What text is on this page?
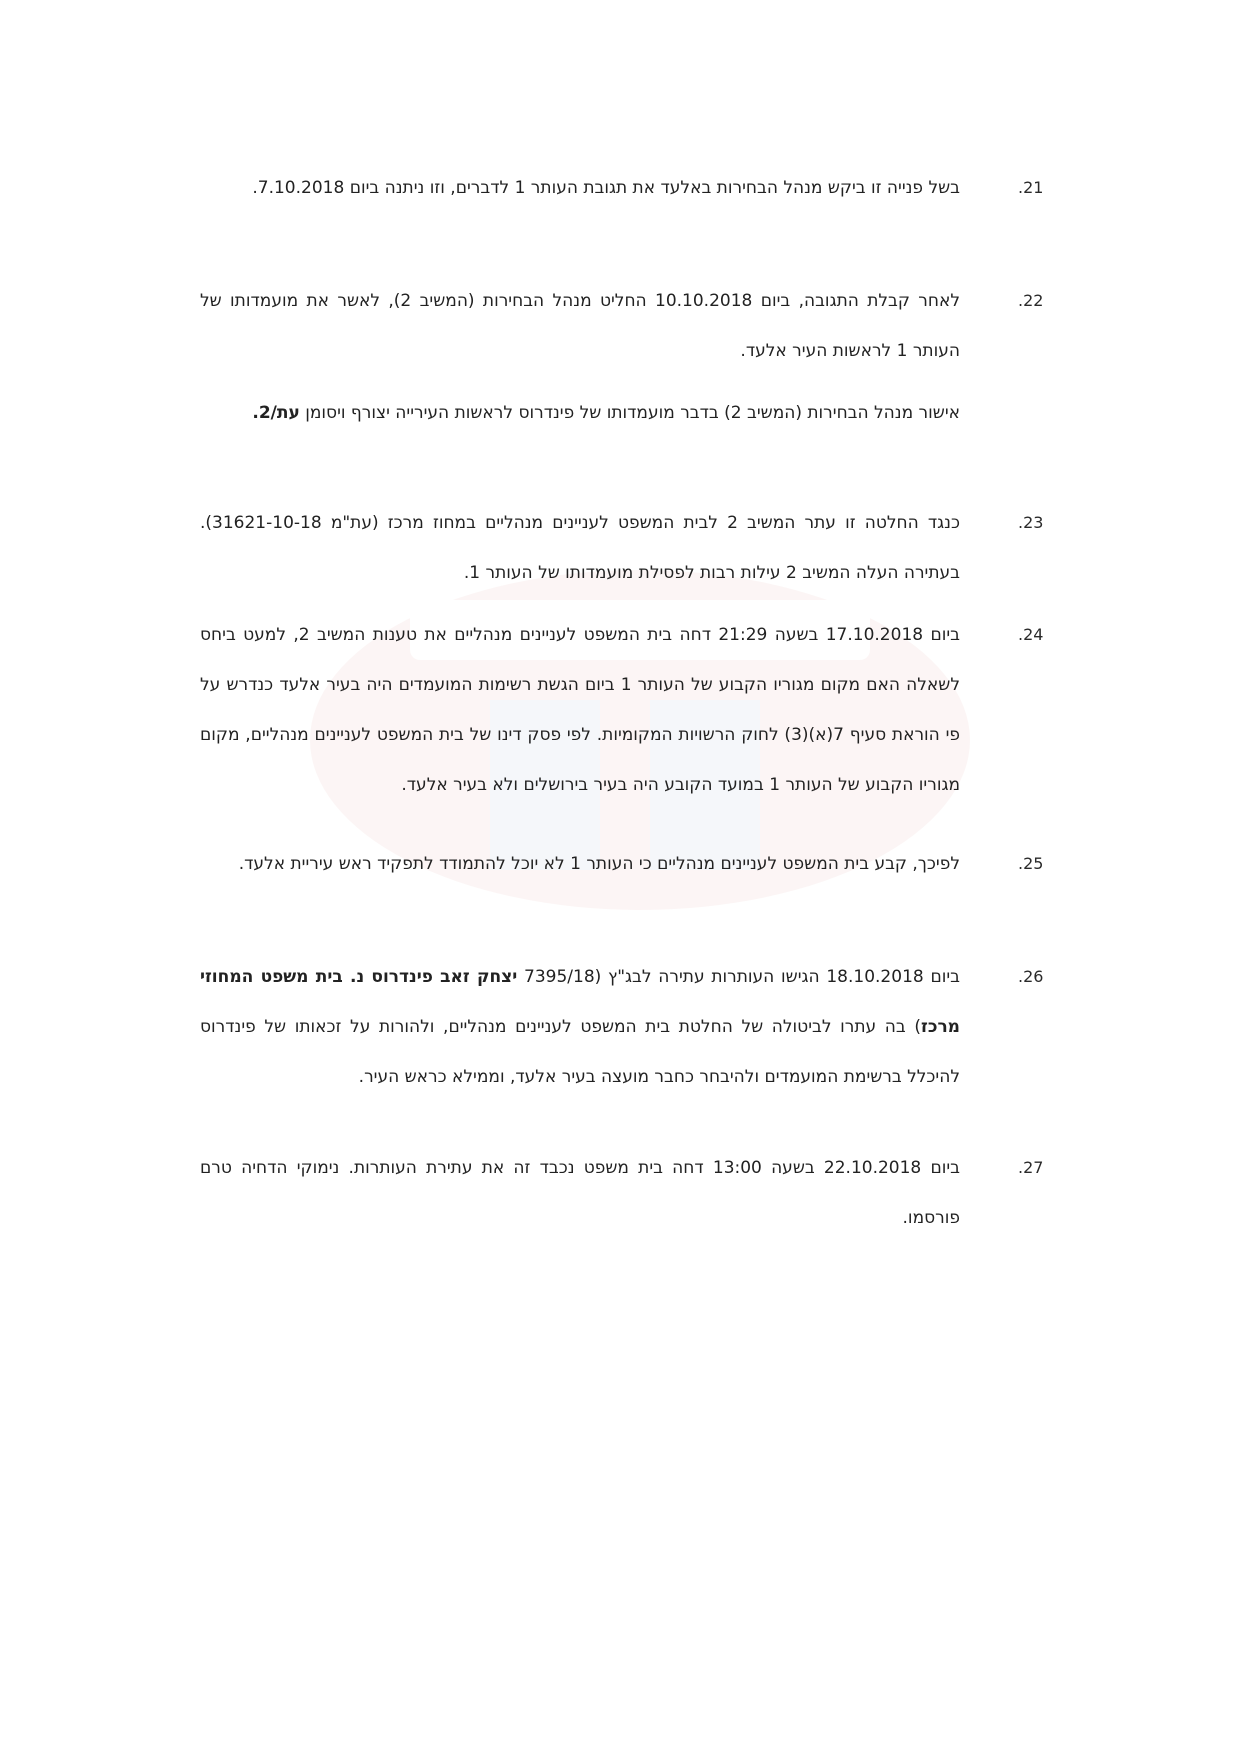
.21
בשל פנייה זו ביקש מנהל הבחירות באלעד את תגובת העותר 1 לדברים, וזו ניתנה ביום 7.10.2018.
.22
לאחר קבלת התגובה, ביום 10.10.2018 החליט מנהל הבחירות (המשיב 2), לאשר את מועמדותו של העותר 1 לראשות העיר אלעד.
אישור מנהל הבחירות (המשיב 2) בדבר מועמדותו של פינדרוס לראשות העירייה יצורף ויסומן עת/2.
.23
כנגד החלטה זו עתר המשיב 2 לבית המשפט לעניינים מנהליים במחוז מרכז (עת"מ 31621-10-18). בעתירה העלה המשיב 2 עילות רבות לפסילת מועמדותו של העותר 1.
.24
ביום 17.10.2018 בשעה 21:29 דחה בית המשפט לעניינים מנהליים את טענות המשיב 2, למעט ביחס לשאלה האם מקום מגוריו הקבוע של העותר 1 ביום הגשת רשימות המועמדים היה בעיר אלעד כנדרש על פי הוראת סעיף 7(א)(3) לחוק הרשויות המקומיות. לפי פסק דינו של בית המשפט לעניינים מנהליים, מקום מגוריו הקבוע של העותר 1 במועד הקובע היה בעיר בירושלים ולא בעיר אלעד.
.25
לפיכך, קבע בית המשפט לעניינים מנהליים כי העותר 1 לא יוכל להתמודד לתפקיד ראש עיריית אלעד.
.26
ביום 18.10.2018 הגישו העותרות עתירה לבג"ץ (7395/18 יצחק זאב פינדרוס נ. בית משפט המחוזי מרכז) בה עתרו לביטולה של החלטת בית המשפט לעניינים מנהליים, ולהורות על זכאותו של פינדרוס להיכלל ברשימת המועמדים ולהיבחר כחבר מועצה בעיר אלעד, וממילא כראש העיר.
.27
ביום 22.10.2018 בשעה 13:00 דחה בית משפט נכבד זה את עתירת העותרות. נימוקי הדחיה טרם פורסמו.
